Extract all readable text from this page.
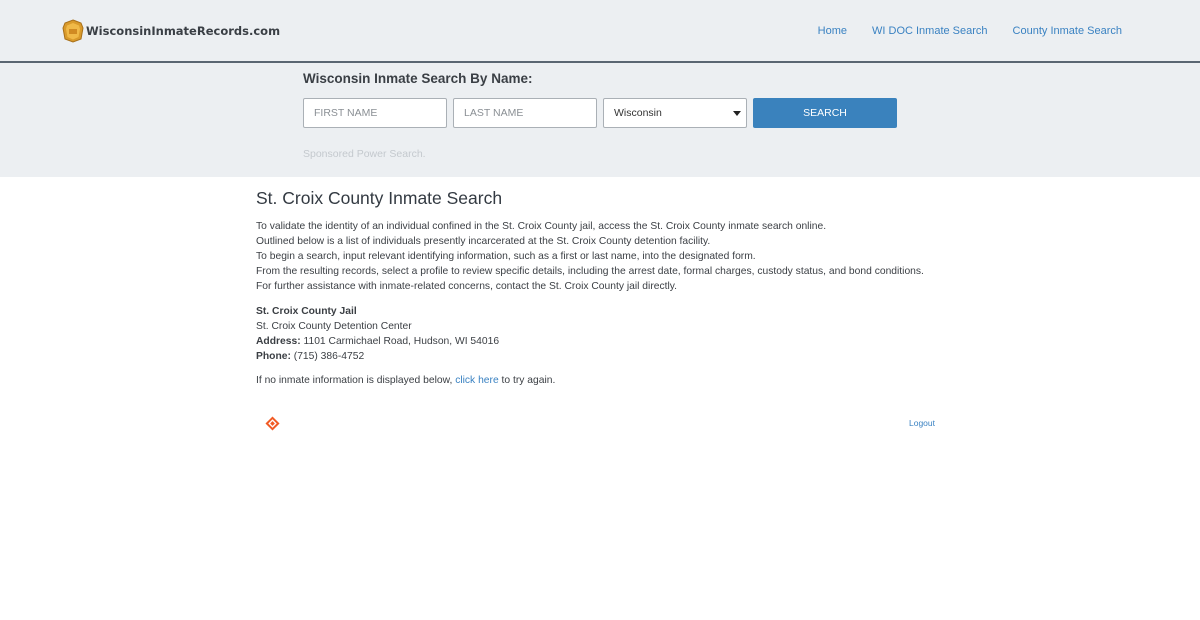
WisconsinInmateRecords.com	Home WI DOC Inmate Search County Inmate Search
Wisconsin Inmate Search By Name:
FIRST NAME
LAST NAME
Wisconsin	SEARCH
Sponsored Power Search.
St. Croix County Inmate Search

To validate the identity of an individual confined in the St. Croix County jail, access the St. Croix County inmate search online.

Outlined below is a list of individuals presently incarcerated at the St. Croix County detention facility.

To begin a search, input relevant identifying information, such as a first or last name, into the designated form.

From the resulting records, select a profile to review specific details, including the arrest date, formal charges, custody status, and bond conditions.

For further assistance with inmate-related concerns, contact the St. Croix County jail directly.

St. Croix County Jail
St. Croix County Detention Center
Address: 1101 Carmichael Road, Hudson, WI 54016
Phone: (715) 386-4752
If no inmate information is displayed below, click here to try again.
Logout
